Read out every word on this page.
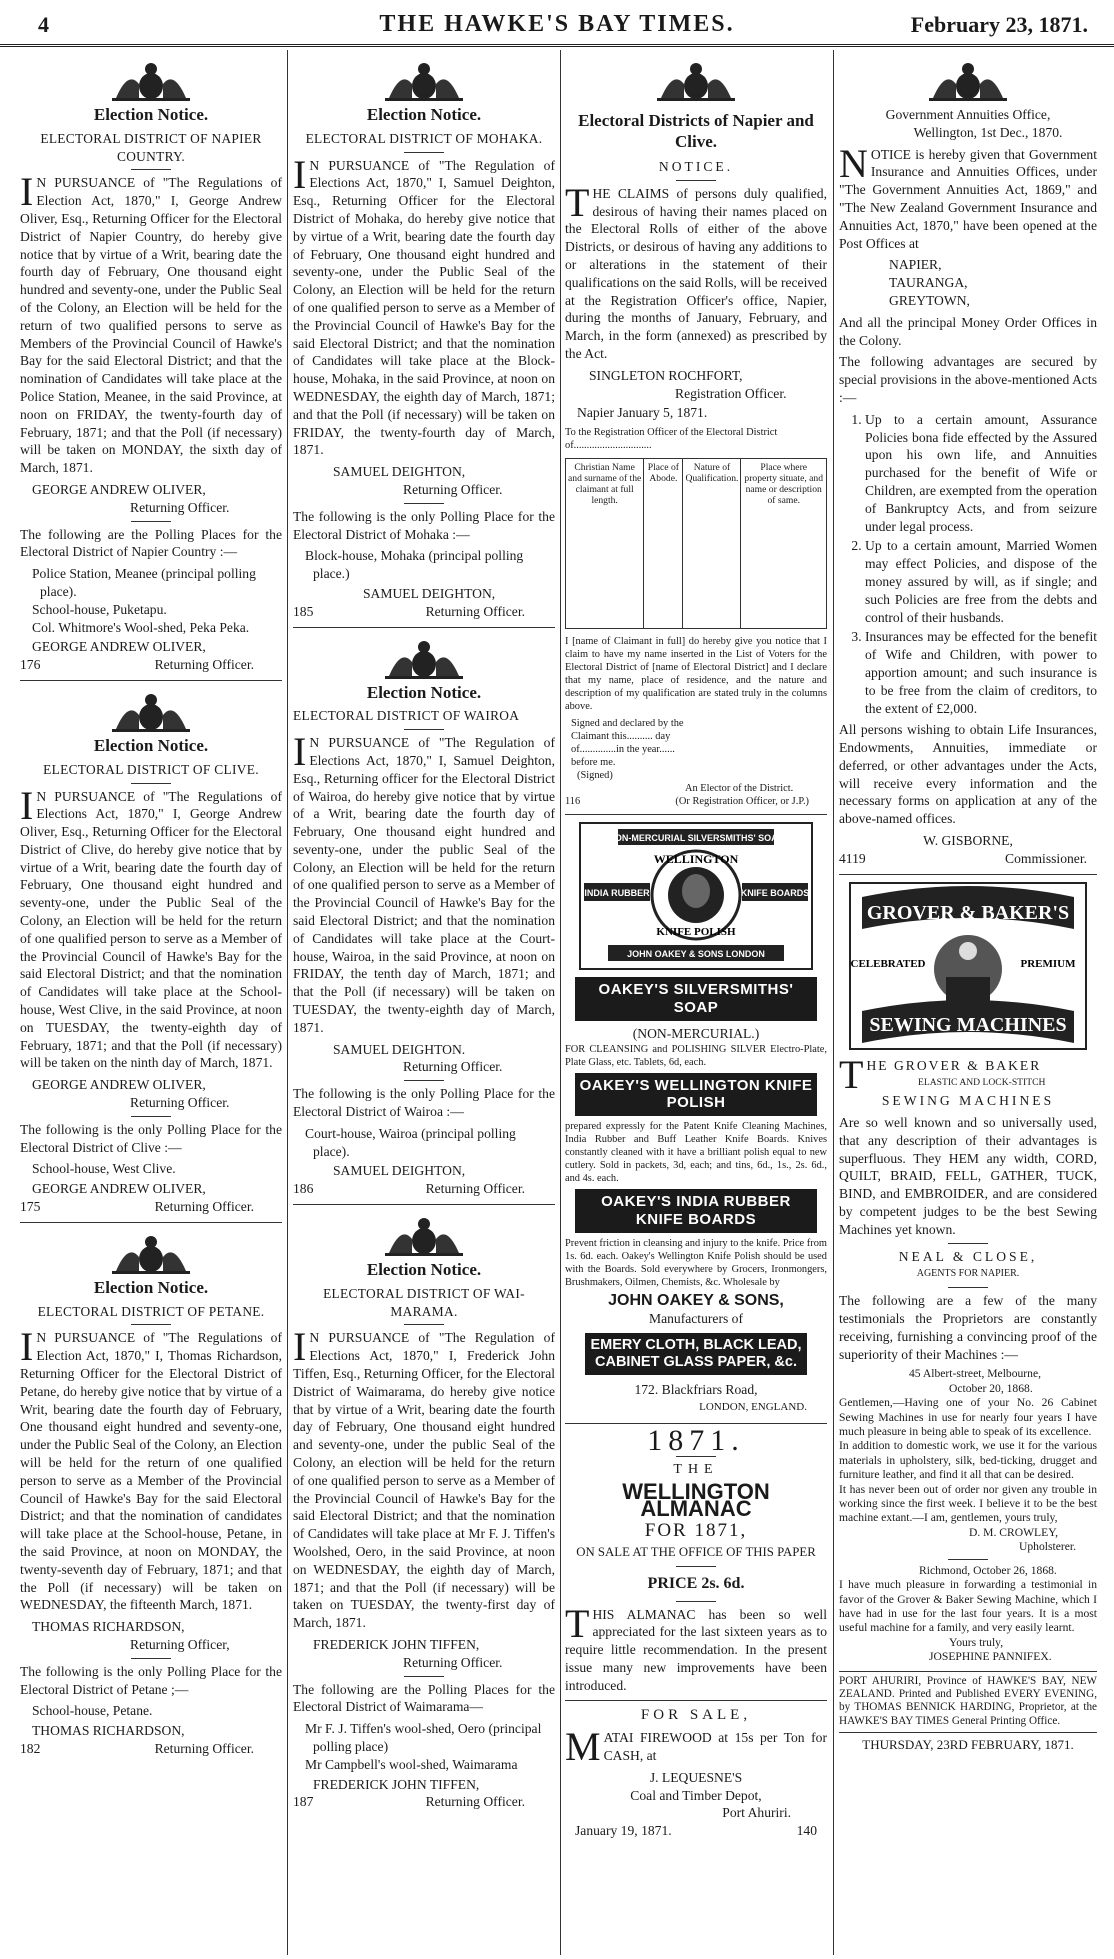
4	THE HAWKE'S BAY TIMES.	February 23, 1871.
Election Notice.
ELECTORAL DISTRICT OF NAPIER COUNTRY.
I N PURSUANCE of "The Regulations of Election Act, 1870," I, George Andrew Oliver, Esq., Returning Officer for the Electoral District of Napier Country, do hereby give notice that by virtue of a Writ, bearing date the fourth day of February, One thousand eight hundred and seventy-one, under the Public Seal of the Colony, an Election will be held for the return of two qualified persons to serve as Members of the Provincial Council of Hawke's Bay for the said Electoral District; and that the nomination of Candidates will take place at the Police Station, Meanee, in the said Province, at noon on FRIDAY, the twenty-fourth day of February, 1871; and that the Poll (if necessary) will be taken on MONDAY, the sixth day of March, 1871.
GEORGE ANDREW OLIVER,
Returning Officer.
The following are the Polling Places for the Electoral District of Napier Country :—
Police Station, Meanee (principal polling place).
School-house, Puketapu.
Col. Whitmore's Wool-shed, Peka Peka.
GEORGE ANDREW OLIVER,
176	Returning Officer.
Election Notice.
ELECTORAL DISTRICT OF CLIVE.
I N PURSUANCE of "The Regulations of Elections Act, 1870," I, George Andrew Oliver, Esq., Returning Officer for the Electoral District of Clive, do hereby give notice that by virtue of a Writ, bearing date the fourth day of February, One thousand eight hundred and seventy-one, under the Public Seal of the Colony, an Election will be held for the return of one qualified person to serve as a Member of the Provincial Council of Hawke's Bay for the said Electoral District; and that the nomination of Candidates will take place at the School-house, West Clive, in the said Province, at noon on TUESDAY, the twenty-eighth day of February, 1871; and that the Poll (if necessary) will be taken on the ninth day of March, 1871.
GEORGE ANDREW OLIVER,
Returning Officer.
The following is the only Polling Place for the Electoral District of Clive :—
School-house, West Clive.
GEORGE ANDREW OLIVER,
175	Returning Officer.
Election Notice.
ELECTORAL DISTRICT OF PETANE.
I N PURSUANCE of "The Regulations of Election Act, 1870," I, Thomas Richardson, Returning Officer for the Electoral District of Petane, do hereby give notice that by virtue of a Writ, bearing date the fourth day of February, One thousand eight hundred and seventy-one, under the Public Seal of the Colony, an Election will be held for the return of one qualified person to serve as a Member of the Provincial Council of Hawke's Bay for the said Electoral District; and that the nomination of candidates will take place at the School-house, Petane, in the said Province, at noon on MONDAY, the twenty-seventh day of February, 1871; and that the Poll (if necessary) will be taken on WEDNESDAY, the fifteenth March, 1871.
THOMAS RICHARDSON,
Returning Officer,
The following is the only Polling Place for the Electoral District of Petane ;—
School-house, Petane.
THOMAS RICHARDSON,
182	Returning Officer.
Election Notice.
ELECTORAL DISTRICT OF MOHAKA.
I N PURSUANCE of "The Regulation of Elections Act, 1870," I, Samuel Deighton, Esq., Returning Officer for the Electoral District of Mohaka, do hereby give notice that by virtue of a Writ, bearing date the fourth day of February, One thousand eight hundred and seventy-one, under the Public Seal of the Colony, an Election will be held for the return of one qualified person to serve as a Member of the Provincial Council of Hawke's Bay for the said Electoral District; and that the nomination of Candidates will take place at the Block-house, Mohaka, in the said Province, at noon on WEDNESDAY, the eighth day of March, 1871; and that the Poll (if necessary) will be taken on FRIDAY, the twenty-fourth day of March, 1871.
SAMUEL DEIGHTON,
Returning Officer.
The following is the only Polling Place for the Electoral District of Mohaka :—
Block-house, Mohaka (principal polling place.)
SAMUEL DEIGHTON,
185	Returning Officer.
Election Notice.
ELECTORAL DISTRICT OF WAIROA
I N PURSUANCE of "The Regulation of Elections Act, 1870," I, Samuel Deighton, Esq., Returning officer for the Electoral District of Wairoa, do hereby give notice that by virtue of a Writ, bearing date the fourth day of February, One thousand eight hundred and seventy-one, under the public Seal of the Colony, an Election will be held for the return of one qualified person to serve as a Member of the Provincial Council of Hawke's Bay for the said Electoral District; and that the nomination of Candidates will take place at the Court-house, Wairoa, in the said Province, at noon on FRIDAY, the tenth day of March, 1871; and that the Poll (if necessary) will be taken on TUESDAY, the twenty-eighth day of March, 1871.
SAMUEL DEIGHTON.
Returning Officer.
The following is the only Polling Place for the Electoral District of Wairoa :—
Court-house, Wairoa (principal polling place).
SAMUEL DEIGHTON,
186	Returning Officer.
Election Notice.
ELECTORAL DISTRICT OF WAI-MARAMA.
I N PURSUANCE of "The Regulation of Elections Act, 1870," I, Frederick John Tiffen, Esq., Returning Officer, for the Electoral District of Waimarama, do hereby give notice that by virtue of a Writ, bearing date the fourth day of February, One thousand eight hundred and seventy-one, under the public Seal of the Colony, an election will be held for the return of one qualified person to serve as a Member of the Provincial Council of Hawke's Bay for the said Electoral District; and that the nomination of Candidates will take place at Mr F. J. Tiffen's Woolshed, Oero, in the said Province, at noon on WEDNESDAY, the eighth day of March, 1871; and that the Poll (if necessary) will be taken on TUESDAY, the twenty-first day of March, 1871.
FREDERICK JOHN TIFFEN,
Returning Officer.
The following are the Polling Places for the Electoral District of Waimarama—
Mr F. J. Tiffen's wool-shed, Oero (principal polling place)
Mr Campbell's wool-shed, Waimarama
FREDERICK JOHN TIFFEN,
187	Returning Officer.
Electoral Districts of Napier and Clive.
NOTICE.
THE CLAIMS of persons duly qualified, desirous of having their names placed on the Electoral Rolls of either of the above Districts, or desirous of having any additions to or alterations in the statement of their qualifications on the said Rolls, will be received at the Registration Officer's office, Napier, during the months of January, February, and March, in the form (annexed) as prescribed by the Act.
SINGLETON ROCHFORT,
Registration Officer.
Napier January 5, 1871.
To the Registration Officer of the Electoral District of..............................
Christian Name and surname of the claimant at full length.	Place of Abode.	Nature of Qualification.	Place where property situate, and name or description of same.
I [name of Claimant in full] do hereby give you notice that I claim to have my name inserted in the List of Voters for the Electoral District of [name of Electoral District] and I declare that my name, place of residence, and the nature and description of my qualification are stated truly in the columns above.
Signed and declared by the Claimant this.......... day of..............in the year...... before me.
(Signed)
An Elector of the District.
116	(Or Registration Officer, or J.P.)
NON-MERCURIAL SILVERSMITHS' SOAP
WELLINGTON
KNIFE POLISH
INDIA RUBBER	KNIFE BOARDS
JOHN OAKEY & SONS LONDON
OAKEY'S SILVERSMITHS' SOAP
(NON-MERCURIAL.)
FOR CLEANSING and POLISHING SILVER Electro-Plate, Plate Glass, etc. Tablets, 6d, each.
OAKEY'S WELLINGTON KNIFE POLISH
prepared expressly for the Patent Knife Cleaning Machines, India Rubber and Buff Leather Knife Boards. Knives constantly cleaned with it have a brilliant polish equal to new cutlery. Sold in packets, 3d, each; and tins, 6d., 1s., 2s. 6d., and 4s. each.
OAKEY'S INDIA RUBBER KNIFE BOARDS
Prevent friction in cleansing and injury to the knife. Price from 1s. 6d. each. Oakey's Wellington Knife Polish should be used with the Boards. Sold everywhere by Grocers, Ironmongers, Brushmakers, Oilmen, Chemists, &c. Wholesale by
JOHN OAKEY & SONS,
Manufacturers of
EMERY CLOTH, BLACK LEAD, CABINET GLASS PAPER, &c.
172. Blackfriars Road,
LONDON, ENGLAND.
1871.
THE
WELLINGTON ALMANAC
FOR 1871,
ON SALE AT THE OFFICE OF THIS PAPER
PRICE 2s. 6d.
THIS ALMANAC has been so well appreciated for the last sixteen years as to require little recommendation. In the present issue many new improvements have been introduced.
FOR SALE,
MATAI FIREWOOD at 15s per Ton for CASH, at
J. LEQUESNE'S
Coal and Timber Depot,
Port Ahuriri.
January 19, 1871.	140
Government Annuities Office,
Wellington, 1st Dec., 1870.
NOTICE is hereby given that Government Insurance and Annuities Offices, under "The Government Annuities Act, 1869," and "The New Zealand Government Insurance and Annuities Act, 1870," have been opened at the Post Offices at
NAPIER,
TAURANGA,
GREYTOWN,
And all the principal Money Order Offices in the Colony.
The following advantages are secured by special provisions in the above-mentioned Acts :—
1. Up to a certain amount, Assurance Policies bona fide effected by the Assured upon his own life, and Annuities purchased for the benefit of Wife or Children, are exempted from the operation of Bankruptcy Acts, and from seizure under legal process.
2. Up to a certain amount, Married Women may effect Policies, and dispose of the money assured by will, as if single; and such Policies are free from the debts and control of their husbands.
3. Insurances may be effected for the benefit of Wife and Children, with power to apportion amount; and such insurance is to be free from the claim of creditors, to the extent of £2,000.
All persons wishing to obtain Life Insurances, Endowments, Annuities, immediate or deferred, or other advantages under the Acts, will receive every information and the necessary forms on application at any of the above-named offices.
W. GISBORNE,
4119	Commissioner.
GROVER & BAKER'S
CELEBRATED	PREMIUM
SEWING MACHINES
THE GROVER & BAKER
ELASTIC AND LOCK-STITCH
SEWING MACHINES
Are so well known and so universally used, that any description of their advantages is superfluous. They HEM any width, CORD, QUILT, BRAID, FELL, GATHER, TUCK, BIND, and EMBROIDER, and are considered by competent judges to be the best Sewing Machines yet known.
NEAL & CLOSE,
AGENTS FOR NAPIER.
The following are a few of the many testimonials the Proprietors are constantly receiving, furnishing a convincing proof of the superiority of their Machines :—
45 Albert-street, Melbourne,
October 20, 1868.
Gentlemen,—Having one of your No. 26 Cabinet Sewing Machines in use for nearly four years I have much pleasure in being able to speak of its excellence.
In addition to domestic work, we use it for the various materials in upholstery, silk, bed-ticking, drugget and furniture leather, and find it all that can be desired.
It has never been out of order nor given any trouble in working since the first week. I believe it to be the best machine extant.—I am, gentlemen, yours truly,
D. M. CROWLEY,
Upholsterer.
Richmond, October 26, 1868.
I have much pleasure in forwarding a testimonial in favor of the Grover & Baker Sewing Machine, which I have had in use for the last four years. It is a most useful machine for a family, and very easily learnt.
Yours truly,
JOSEPHINE PANNIFEX.
PORT AHURIRI, Province of HAWKE'S BAY, NEW ZEALAND. Printed and Published EVERY EVENING, by THOMAS BENNICK HARDING, Proprietor, at the HAWKE'S BAY TIMES General Printing Office.
THURSDAY, 23RD FEBRUARY, 1871.
